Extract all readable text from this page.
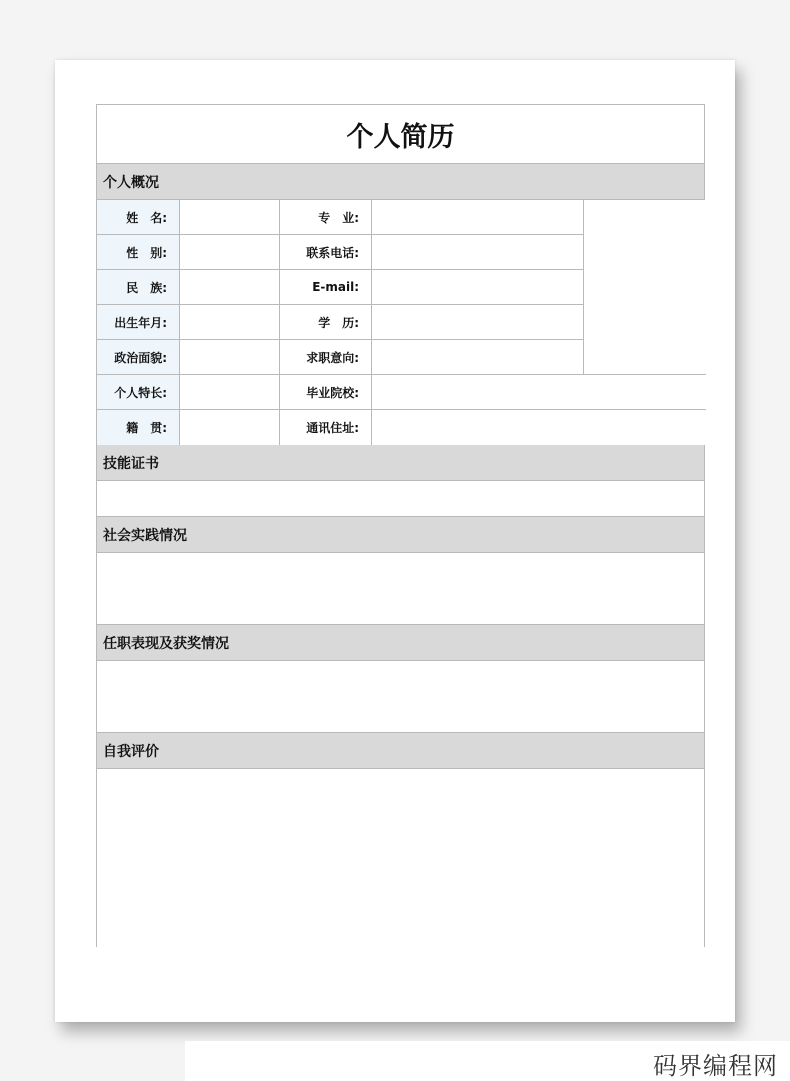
个人简历
个人概况
姓　名:	专　业:
性　别:	联系电话:
民　族:	E-mail:
出生年月:	学　历:
政治面貌:	求职意向:
个人特长:	毕业院校:
籍　贯:	通讯住址:
技能证书
社会实践情况
任职表现及获奖情况
自我评价
码界编程网
